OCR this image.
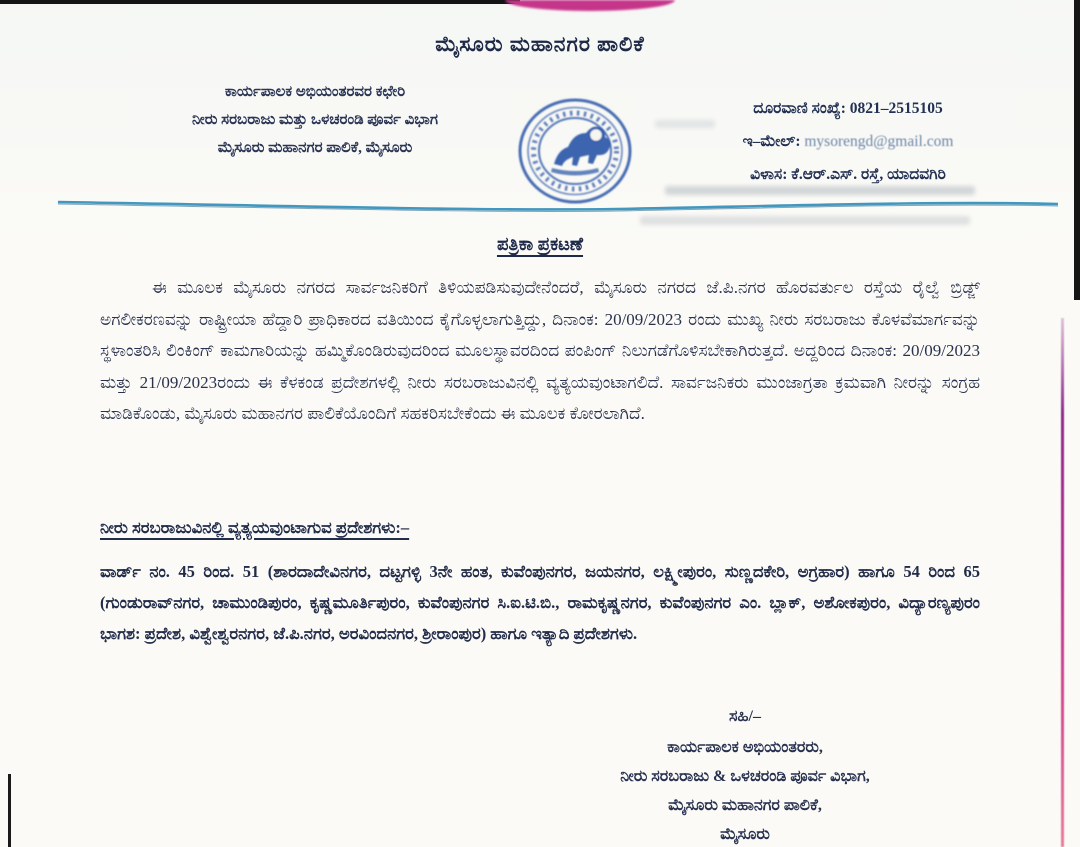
ಮೈಸೂರು ಮಹಾನಗರ ಪಾಲಿಕೆ
ಕಾರ್ಯಪಾಲಕ ಅಭಿಯಂತರವರ ಕಛೇರಿ
ನೀರು ಸರಬರಾಜು ಮತ್ತು ಒಳಚರಂಡಿ ಪೂರ್ವ ವಿಭಾಗ
ಮೈಸೂರು ಮಹಾನಗರ ಪಾಲಿಕೆ, ಮೈಸೂರು
ದೂರವಾಣಿ ಸಂಖ್ಯೆ: 0821–2515105
ಇ–ಮೇಲ್: mysorengd@gmail.com
ವಿಳಾಸ: ಕೆ.ಆರ್.ಎಸ್. ರಸ್ತೆ, ಯಾದವಗಿರಿ
ಪತ್ರಿಕಾ ಪ್ರಕಟಣೆ
ಈ ಮೂಲಕ ಮೈಸೂರು ನಗರದ ಸಾರ್ವಜನಿಕರಿಗೆ ತಿಳಿಯಪಡಿಸುವುದೇನೆಂದರೆ, ಮೈಸೂರು ನಗರದ ಜೆ.ಪಿ.ನಗರ ಹೊರವರ್ತುಲ ರಸ್ತೆಯ ರೈಲ್ವೆ ಬ್ರಿಡ್ಜ್ ಅಗಲೀಕರಣವನ್ನು ರಾಷ್ಟ್ರೀಯಾ ಹೆದ್ದಾರಿ ಪ್ರಾಧಿಕಾರದ ವತಿಯಿಂದ ಕೈಗೊಳ್ಳಲಾಗುತ್ತಿದ್ದು, ದಿನಾಂಕ: 20/09/2023 ರಂದು ಮುಖ್ಯ ನೀರು ಸರಬರಾಜು ಕೊಳವೆಮಾರ್ಗವನ್ನು ಸ್ಥಳಾಂತರಿಸಿ ಲಿಂಕಿಂಗ್ ಕಾಮಗಾರಿಯನ್ನು ಹಮ್ಮಿಕೊಂಡಿರುವುದರಿಂದ ಮೂಲಸ್ಥಾವರದಿಂದ ಪಂಪಿಂಗ್ ನಿಲುಗಡೆಗೊಳಿಸಬೇಕಾಗಿರುತ್ತದೆ. ಅದ್ದರಿಂದ ದಿನಾಂಕ: 20/09/2023 ಮತ್ತು 21/09/2023ರಂದು ಈ ಕೆಳಕಂಡ ಪ್ರದೇಶಗಳಲ್ಲಿ ನೀರು ಸರಬರಾಜುವಿನಲ್ಲಿ ವ್ಯತ್ಯಯವುಂಟಾಗಲಿದೆ. ಸಾರ್ವಜನಿಕರು ಮುಂಜಾಗ್ರತಾ ಕ್ರಮವಾಗಿ ನೀರನ್ನು ಸಂಗ್ರಹ ಮಾಡಿಕೊಂಡು, ಮೈಸೂರು ಮಹಾನಗರ ಪಾಲಿಕೆಯೊಂದಿಗೆ ಸಹಕರಿಸಬೇಕೆಂದು ಈ ಮೂಲಕ ಕೋರಲಾಗಿದೆ.
ನೀರು ಸರಬರಾಜುವಿನಲ್ಲಿ ವ್ಯತ್ಯಯವುಂಟಾಗುವ ಪ್ರದೇಶಗಳು:–
ವಾರ್ಡ್ ನಂ. 45 ರಿಂದ. 51 (ಶಾರದಾದೇವಿನಗರ, ದಟ್ಟಗಳ್ಳಿ 3ನೇ ಹಂತ, ಕುವೆಂಪುನಗರ, ಜಯನಗರ, ಲಕ್ಷ್ಮೀಪುರಂ, ಸುಣ್ಣದಕೇರಿ, ಅಗ್ರಹಾರ) ಹಾಗೂ 54 ರಿಂದ 65 (ಗುಂಡುರಾವ್‌ನಗರ, ಚಾಮುಂಡಿಪುರಂ, ಕೃಷ್ಣಮೂರ್ತಿಪುರಂ, ಕುವೆಂಪುನಗರ ಸಿ.ಐ.ಟಿ.ಬಿ., ರಾಮಕೃಷ್ಣನಗರ, ಕುವೆಂಪುನಗರ ಎಂ. ಬ್ಲಾಕ್, ಅಶೋಕಪುರಂ, ವಿದ್ಯಾರಣ್ಯಪುರಂ ಭಾಗಶ: ಪ್ರದೇಶ, ವಿಶ್ವೇಶ್ವರನಗರ, ಜೆ.ಪಿ.ನಗರ, ಅರವಿಂದನಗರ, ಶ್ರೀರಾಂಪುರ) ಹಾಗೂ ಇತ್ಯಾದಿ ಪ್ರದೇಶಗಳು.
ಸಹಿ/–
ಕಾರ್ಯಪಾಲಕ ಅಭಿಯಂತರರು,
ನೀರು ಸರಬರಾಜು & ಒಳಚರಂಡಿ ಪೂರ್ವ ವಿಭಾಗ,
ಮೈಸೂರು ಮಹಾನಗರ ಪಾಲಿಕೆ,
ಮೈಸೂರು
